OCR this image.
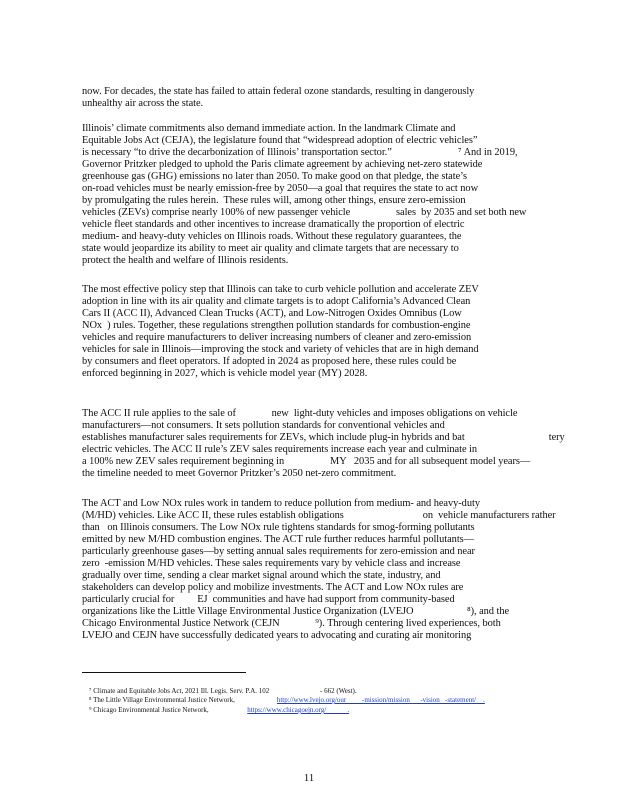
now. For decades, the state has failed to attain federal ozone standards, resulting in dangerously
unhealthy air across the state.
Illinois’ climate commitments also demand immediate action. In the landmark Climate and
Equitable Jobs Act (CEJA), the legislature found that “widespread adoption of electric vehicles”
is necessary “to drive the decarbonization of Illinois’ transportation sector.”                          ⁷ And in 2019,
Governor Pritzker pledged to uphold the Paris climate agreement by achieving net-zero statewide
greenhouse gas (GHG) emissions no later than 2050. To make good on that pledge, the state’s
on-road vehicles must be nearly emission-free by 2050—a goal that requires the state to act now
by promulgating the rules herein.  These rules will, among other things, ensure zero-emission
vehicles (ZEVs) comprise nearly 100% of new passenger vehicle                  sales  by 2035 and set both new
vehicle fleet standards and other incentives to increase dramatically the proportion of electric
medium- and heavy-duty vehicles on Illinois roads. Without these regulatory guarantees, the
state would jeopardize its ability to meet air quality and climate targets that are necessary to
protect the health and welfare of Illinois residents.
The most effective policy step that Illinois can take to curb vehicle pollution and accelerate ZEV
adoption in line with its air quality and climate targets is to adopt California’s Advanced Clean
Cars II (ACC II), Advanced Clean Trucks (ACT), and Low-Nitrogen Oxides Omnibus (Low
NOx  ) rules. Together, these regulations strengthen pollution standards for combustion-engine
vehicles and require manufacturers to deliver increasing numbers of cleaner and zero-emission
vehicles for sale in Illinois—improving the stock and variety of vehicles that are in high demand
by consumers and fleet operators. If adopted in 2024 as proposed here, these rules could be
enforced beginning in 2027, which is vehicle model year (MY) 2028.
The ACC II rule applies to the sale of              new  light-duty vehicles and imposes obligations on vehicle
manufacturers—not consumers. It sets pollution standards for conventional vehicles and
establishes manufacturer sales requirements for ZEVs, which include plug-in hybrids and bat                                 tery
electric vehicles. The ACC II rule’s ZEV sales requirements increase each year and culminate in
a 100% new ZEV sales requirement beginning in                  MY   2035 and for all subsequent model years—
the timeline needed to meet Governor Pritzker’s 2050 net-zero commitment.
The ACT and Low NOx rules work in tandem to reduce pollution from medium- and heavy-duty
(M/HD) vehicles. Like ACC II, these rules establish obligations                               on  vehicle manufacturers rather
than   on Illinois consumers. The Low NOx rule tightens standards for smog-forming pollutants
emitted by new M/HD combustion engines. The ACT rule further reduces harmful pollutants—
particularly greenhouse gases—by setting annual sales requirements for zero-emission and near
zero  -emission M/HD vehicles. These sales requirements vary by vehicle class and increase
gradually over time, sending a clear market signal around which the state, industry, and
stakeholders can develop policy and mobilize investments. The ACT and Low NOx rules are
particularly crucial for         EJ  communities and have had support from community-based
organizations like the Little Village Environmental Justice Organization (LVEJO                     ⁸), and the
Chicago Environmental Justice Network (CEJN              ⁹). Through centering lived experiences, both
LVEJO and CEJN have successfully dedicated years to advocating and curating air monitoring

⁷ Climate and Equitable Jobs Act, 2021 Ill. Legis. Serv. P.A. 102                             - 662 (West).

⁸ The Little Village Environmental Justice Network,                        http://www.lvejo.org/our         -mission/mission      -vision   -statement/    .

⁹ Chicago Environmental Justice Network,                      https://www.chicagoejn.org/            .

11
